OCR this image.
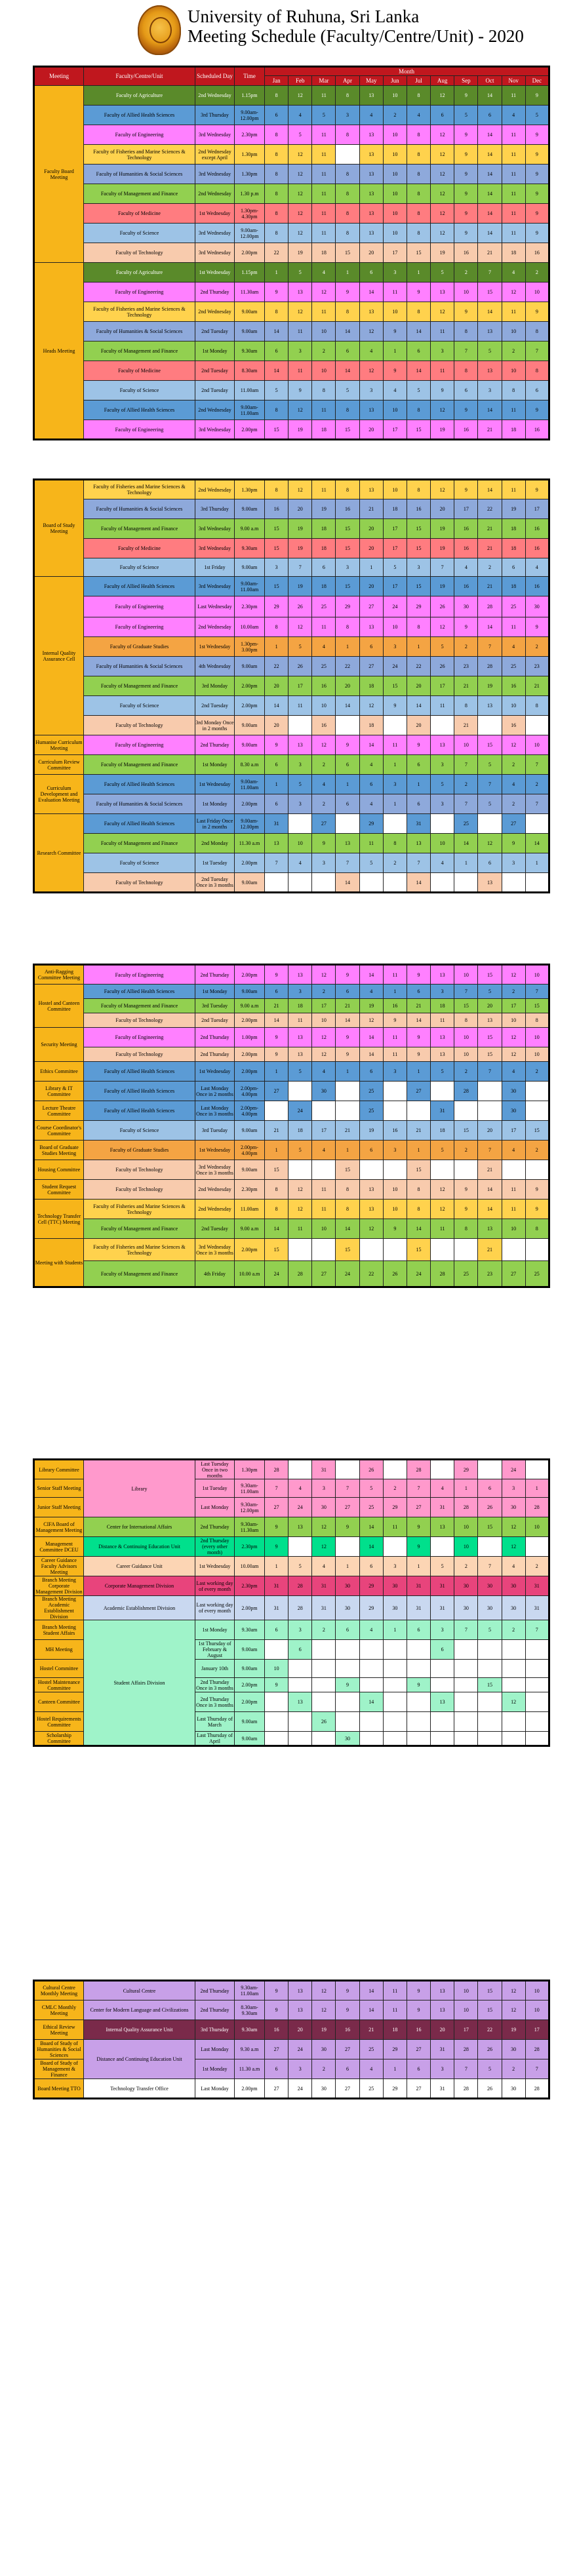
University of Ruhuna, Sri Lanka
Meeting Schedule (Faculty/Centre/Unit) - 2020
Meeting	Faculty/Centre/Unit	Scheduled Day	Time	Month											
				Jan	Feb	Mar	Apr	May	Jun	Jul	Aug	Sep	Oct	Nov	Dec
Faculty Board Meeting	Faculty of Agriculture	2nd Wednesday	1.15pm	8	12	11	8	13	10	8	12	9	14	11	9
	Faculty of Allied Health Sciences	3rd Thursday	9.00am-12.00pm	6	4	5	3	4	2	4	6	5	6	4	5
	Faculty of Engineering	3rd Wednesday	2.30pm	8	5	11	8	13	10	8	12	9	14	11	9
	Faculty of Fisheries and Marine Sciences & Technology	2nd Wednesday except April	1.30pm	8	12	11		13	10	8	12	9	14	11	9
	Faculty of Humanities & Social Sciences	3rd Wednesday	1.30pm	8	12	11	8	13	10	8	12	9	14	11	9
	Faculty of Management and Finance	2nd Wednesday	1.30 p.m	8	12	11	8	13	10	8	12	9	14	11	9
	Faculty of Medicine	1st Wednesday	1.30pm-4.30pm	8	12	11	8	13	10	8	12	9	14	11	9
	Faculty of Science	3rd Wednesday	9.00am-12.00pm	8	12	11	8	13	10	8	12	9	14	11	9
	Faculty of Technology	3rd Wednesday	2.00pm	22	19	18	15	20	17	15	19	16	21	18	16
Heads Meeting	Faculty of Agriculture	1st Wednesday	1.15pm	1	5	4	1	6	3	1	5	2	7	4	2
	Faculty of Engineering	2nd Thursday	11.30am	9	13	12	9	14	11	9	13	10	15	12	10
	Faculty of Fisheries and Marine Sciences & Technology	2nd Wednesday	9.00am	8	12	11	8	13	10	8	12	9	14	11	9
	Faculty of Humanities & Social Sciences	2nd Tuesday	9.00am	14	11	10	14	12	9	14	11	8	13	10	8
	Faculty of Management and Finance	1st Monday	9.30am	6	3	2	6	4	1	6	3	7	5	2	7
	Faculty of Medicine	2nd Tuesday	8.30am	14	11	10	14	12	9	14	11	8	13	10	8
	Faculty of Science	2nd Tuesday	11.00am	5	9	8	5	3	4	5	9	6	3	8	6
	Faculty of Allied Health Sciences	2nd Wednesday	9.00am-11.00am	8	12	11	8	13	10	8	12	9	14	11	9
	Faculty of Engineering	3rd Wednesday	2.00pm	15	19	18	15	20	17	15	19	16	21	18	16
Board of Study Meeting	Faculty of Fisheries and Marine Sciences & Technology	2nd Wednesday	1.30pm	8	12	11	8	13	10	8	12	9	14	11	9
	Faculty of Humanities & Social Sciences	3rd Thursday	9.00am	16	20	19	16	21	18	16	20	17	22	19	17
	Faculty of Management and Finance	3rd Wednesday	9.00 a.m	15	19	18	15	20	17	15	19	16	21	18	16
	Faculty of Medicine	3rd Wednesday	9.30am	15	19	18	15	20	17	15	19	16	21	18	16
	Faculty of Science	1st Friday	9.00am	3	7	6	3	1	5	3	7	4	2	6	4
Internal Quality Assurance Cell	Faculty of Allied Health Sciences	3rd Wednesday	9.00am-11.00am	15	19	18	15	20	17	15	19	16	21	18	16
	Faculty of Engineering	Last Wednesday	2.30pm	29	26	25	29	27	24	29	26	30	28	25	30
	Faculty of Engineering	2nd Wednesday	10.00am	8	12	11	8	13	10	8	12	9	14	11	9
	Faculty of Graduate Studies	1st Wednesday	1.30pm-3.00pm	1	5	4	1	6	3	1	5	2	7	4	2
	Faculty of Humanities & Social Sciences	4th Wednesday	9.00am	22	26	25	22	27	24	22	26	23	28	25	23
	Faculty of Management and Finance	3rd Monday	2.00pm	20	17	16	20	18	15	20	17	21	19	16	21
	Faculty of Science	2nd Tuesday	2.00pm	14	11	10	14	12	9	14	11	8	13	10	8
	Faculty of Technology	3rd Monday Once in 2 months	9.00am	20		16		18		20		21		16	
Humanise Curriculum Meeting	Faculty of Engineering	2nd Thursday	9.00am	9	13	12	9	14	11	9	13	10	15	12	10
Curriculum Review Committee	Faculty of Management and Finance	1st Monday	8.30 a.m	6	3	2	6	4	1	6	3	7	5	2	7
Curriculum Development and Evaluation Meeting	Faculty of Allied Health Sciences	1st Wednesday	9.00am-11.00am	1	5	4	1	6	3	1	5	2	7	4	2
	Faculty of Humanities & Social Sciences	1st Monday	2.00pm	6	3	2	6	4	1	6	3	7	5	2	7
Research Committee	Faculty of Allied Health Sciences	Last Friday Once in 2 months	9.00am-12.00pm	31		27		29		31		25		27	
	Faculty of Management and Finance	2nd Monday	11.30 a.m	13	10	9	13	11	8	13	10	14	12	9	14
	Faculty of Science	1st Tuesday	2.00pm	7	4	3	7	5	2	7	4	1	6	3	1
	Faculty of Technology	2nd Tuesday Once in 3 months	9.00am				14			14			13		
Anti-Ragging Committee Meeting	Faculty of Engineering	2nd Thursday	2.00pm	9	13	12	9	14	11	9	13	10	15	12	10
Hostel and Canteen Committee	Faculty of Allied Health Sciences	1st Monday	9.00am	6	3	2	6	4	1	6	3	7	5	2	7
	Faculty of Management and Finance	3rd Tuesday	9.00 a.m	21	18	17	21	19	16	21	18	15	20	17	15
	Faculty of Technology	2nd Tuesday	2.00pm	14	11	10	14	12	9	14	11	8	13	10	8
Security Meeting	Faculty of Engineering	2nd Thursday	1.00pm	9	13	12	9	14	11	9	13	10	15	12	10
	Faculty of Technology	2nd Thursday	2.00pm	9	13	12	9	14	11	9	13	10	15	12	10
Ethics Committee	Faculty of Allied Health Sciences	1st Wednesday	2.00pm	1	5	4	1	6	3	1	5	2	7	4	2
Library & IT Committee	Faculty of Allied Health Sciences	Last Monday Once in 2 months	2.00pm-4.00pm	27		30		25		27		28		30	
Lecture Theatre Committee	Faculty of Allied Health Sciences	Last Monday Once in 3 months	2.00pm-4.00pm		24			25			31			30	
Course Coordinator's Committee	Faculty of Science	3rd Tuesday	9.00am	21	18	17	21	19	16	21	18	15	20	17	15
Board of Graduate Studies Meeting	Faculty of Graduate Studies	1st Wednesday	2.00pm-4.00pm	1	5	4	1	6	3	1	5	2	7	4	2
Housing Committee	Faculty of Technology	3rd Wednesday Once in 3 months	9.00am	15			15			15			21		
Student Request Committee	Faculty of Technology	2nd Wednesday	2.30pm	8	12	11	8	13	10	8	12	9	14	11	9
Technology Transfer Cell (TTC) Meeting	Faculty of Fisheries and Marine Sciences & Technology	2nd Wednesday	11.00am	8	12	11	8	13	10	8	12	9	14	11	9
	Faculty of Management and Finance	2nd Tuesday	9.00 a.m	14	11	10	14	12	9	14	11	8	13	10	8
Meeting with Students	Faculty of Fisheries and Marine Sciences & Technology	3rd Wednesday Once in 3 months	2.00pm	15			15			15			21		
	Faculty of Management and Finance	4th Friday	10.00 a.m	24	28	27	24	22	26	24	28	25	23	27	25
Library Committee	Library	Last Tuesday Once in two months	1.30pm	28		31		26		28		29		24	
Senior Staff Meeting		1st Tuesday	9.30am-11.00am	7	4	3	7	5	2	7	4	1	6	3	1
Junior Staff Meeting		Last Monday	9.30am-12.00pm	27	24	30	27	25	29	27	31	28	26	30	28
CIFA Board of Management Meeting	Center for International Affairs	2nd Thursday	9.30am-11.30am	9	13	12	9	14	11	9	13	10	15	12	10
Management Committee DCEU	Distance & Continuing Education Unit	2nd Thursday (every other month)	2.30pm	9		12		14		9		10		12	
Career Guidance Faculty Advisors Meeting	Career Guidance Unit	1st Wednesday	10.00am	1	5	4	1	6	3	1	5	2	7	4	2
Branch Meeting Corporate Management Division	Corporate Management Division	Last working day of every month	2.30pm	31	28	31	30	29	30	31	31	30	30	30	31
Branch Meeting Academic Establishment Division	Academic Establishment Division	Last working day of every month	2.00pm	31	28	31	30	29	30	31	31	30	30	30	31
Branch Meeting Student Affairs	Student Affairs Division	1st Monday	9.30am	6	3	2	6	4	1	6	3	7	5	2	7
MH Meeting		1st Thursday of February & August	9.00am		6						6				
Hostel Committee		January 10th	9.00am	10											
Hostel Maintenance Committee		2nd Thursday Once in 3 months	2.00pm	9			9			9			15		
Canteen Committee		2nd Thursday Once in 3 months	2.00pm		13			14			13			12	
Hostel Requirements Committee		Last Thursday of March	9.00am			26									
Scholarship Committee		Last Thursday of April	9.00am				30								
Cultural Centre Monthly Meeting	Cultural Centre	2nd Thursday	9.30am-11.00am	9	13	12	9	14	11	9	13	10	15	12	10
CMLC Monthly Meeting	Center for Modern Language and Civilizations	2nd Thursday	8.30am-9.30am	9	13	12	9	14	11	9	13	10	15	12	10
Ethical Review Meeting	Internal Quality Assurance Unit	3rd Thursday	9.30am	16	20	19	16	21	18	16	20	17	22	19	17
Board of Study of Humanities & Social Sciences	Distance and Continuing Education Unit	Last Monday	9.30 a.m	27	24	30	27	25	29	27	31	28	26	30	28
Board of Study of Management & Finance		1st Monday	11.30 a.m	6	3	2	6	4	1	6	3	7	5	2	7
Board Meeting TTO	Technology Transfer Office	Last Monday	2.00pm	27	24	30	27	25	29	27	31	28	26	30	28
